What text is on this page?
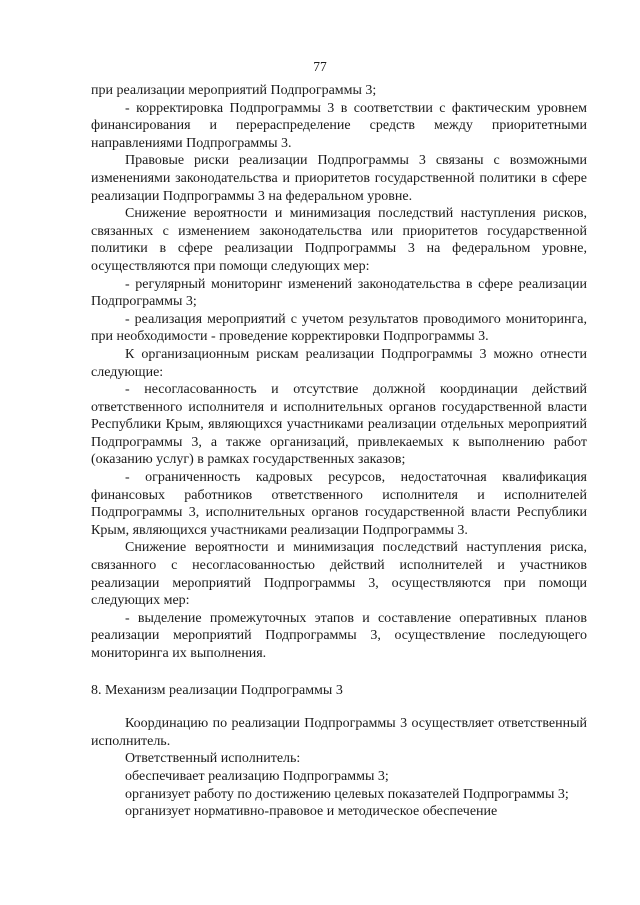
77

при реализации мероприятий Подпрограммы 3;

- корректировка Подпрограммы 3 в соответствии с фактическим уровнем финансирования и перераспределение средств между приоритетными направлениями Подпрограммы 3.

Правовые риски реализации Подпрограммы 3 связаны с возможными изменениями законодательства и приоритетов государственной политики в сфере реализации Подпрограммы 3 на федеральном уровне.

Снижение вероятности и минимизация последствий наступления рисков, связанных с изменением законодательства или приоритетов государственной политики в сфере реализации Подпрограммы 3 на федеральном уровне, осуществляются при помощи следующих мер:

- регулярный мониторинг изменений законодательства в сфере реализации Подпрограммы 3;

- реализация мероприятий с учетом результатов проводимого мониторинга, при необходимости - проведение корректировки Подпрограммы 3.

К организационным рискам реализации Подпрограммы 3 можно отнести следующие:

- несогласованность и отсутствие должной координации действий ответственного исполнителя и исполнительных органов государственной власти Республики Крым, являющихся участниками реализации отдельных мероприятий Подпрограммы 3, а также организаций, привлекаемых к выполнению работ (оказанию услуг) в рамках государственных заказов;

- ограниченность кадровых ресурсов, недостаточная квалификация финансовых работников ответственного исполнителя и исполнителей Подпрограммы 3, исполнительных органов государственной власти Республики Крым, являющихся участниками реализации Подпрограммы 3.

Снижение вероятности и минимизация последствий наступления риска, связанного с несогласованностью действий исполнителей и участников реализации мероприятий Подпрограммы 3, осуществляются при помощи следующих мер:

- выделение промежуточных этапов и составление оперативных планов реализации мероприятий Подпрограммы 3, осуществление последующего мониторинга их выполнения.

8. Механизм реализации Подпрограммы 3

Координацию по реализации Подпрограммы 3 осуществляет ответственный исполнитель.

Ответственный исполнитель:

обеспечивает реализацию Подпрограммы 3;

организует работу по достижению целевых показателей Подпрограммы 3;

организует нормативно-правовое и методическое обеспечение
